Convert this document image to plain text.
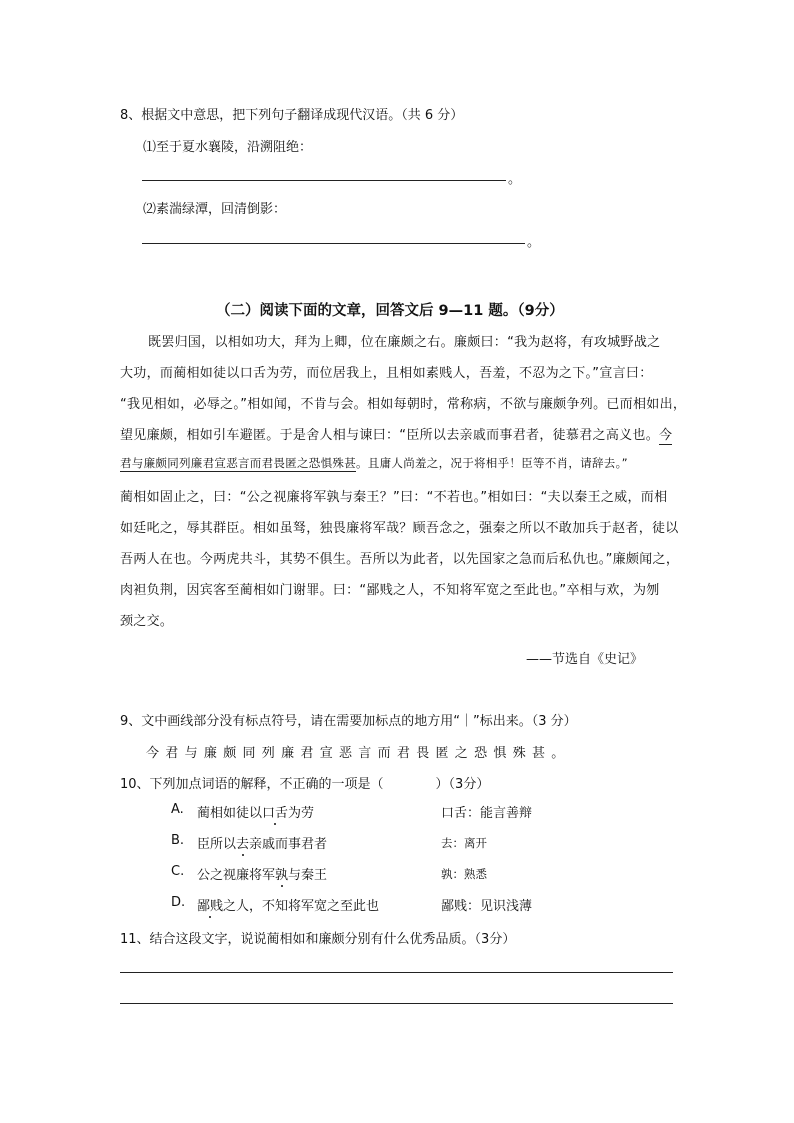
8、根据文中意思，把下列句子翻译成现代汉语。（共 6 分）
⑴至于夏水襄陵，沿溯阻绝：
。
⑵素湍绿潭，回清倒影：
。
（二）阅读下面的文章，回答文后 9—11 题。（9分）
既罢归国，以相如功大，拜为上卿，位在廉颇之右。廉颇曰：“我为赵将，有攻城野战之
大功，而蔺相如徒以口舌为劳，而位居我上，且相如素贱人，吾羞，不忍为之下。”宣言曰：
“我见相如，必辱之。”相如闻，不肯与会。相如每朝时，常称病，不欲与廉颇争列。已而相如出，
望见廉颇，相如引车避匿。于是舍人相与谏曰：“臣所以去亲戚而事君者，徒慕君之高义也。今
君与廉颇同列廉君宣恶言而君畏匿之恐惧殊甚。且庸人尚羞之，况于将相乎！臣等不肖，请辞去。”
蔺相如固止之，曰：“公之视廉将军孰与秦王？”曰：“不若也。”相如曰：“夫以秦王之威，而相
如廷叱之，辱其群臣。相如虽驽，独畏廉将军哉？顾吾念之，强秦之所以不敢加兵于赵者，徒以
吾两人在也。今两虎共斗，其势不俱生。吾所以为此者，以先国家之急而后私仇也。”廉颇闻之，
肉袒负荆，因宾客至蔺相如门谢罪。曰：“鄙贱之人，不知将军宽之至此也。”卒相与欢，为刎
颈之交。
——节选自《史记》
9、文中画线部分没有标点符号，请在需要加标点的地方用“｜”标出来。（3 分）
今君与廉颇同列廉君宣恶言而君畏匿之恐惧殊甚。
10、下列加点词语的解释，不正确的一项是（　　　　）（3分）
A. 蔺相如徒以口舌为劳	口舌：能言善辩
B. 臣所以去亲戚而事君者	去：离开
C. 公之视廉将军孰与秦王	孰：熟悉
D. 鄙贱之人，不知将军宽之至此也	鄙贱：见识浅薄
11、结合这段文字，说说蔺相如和廉颇分别有什么优秀品质。（3分）
